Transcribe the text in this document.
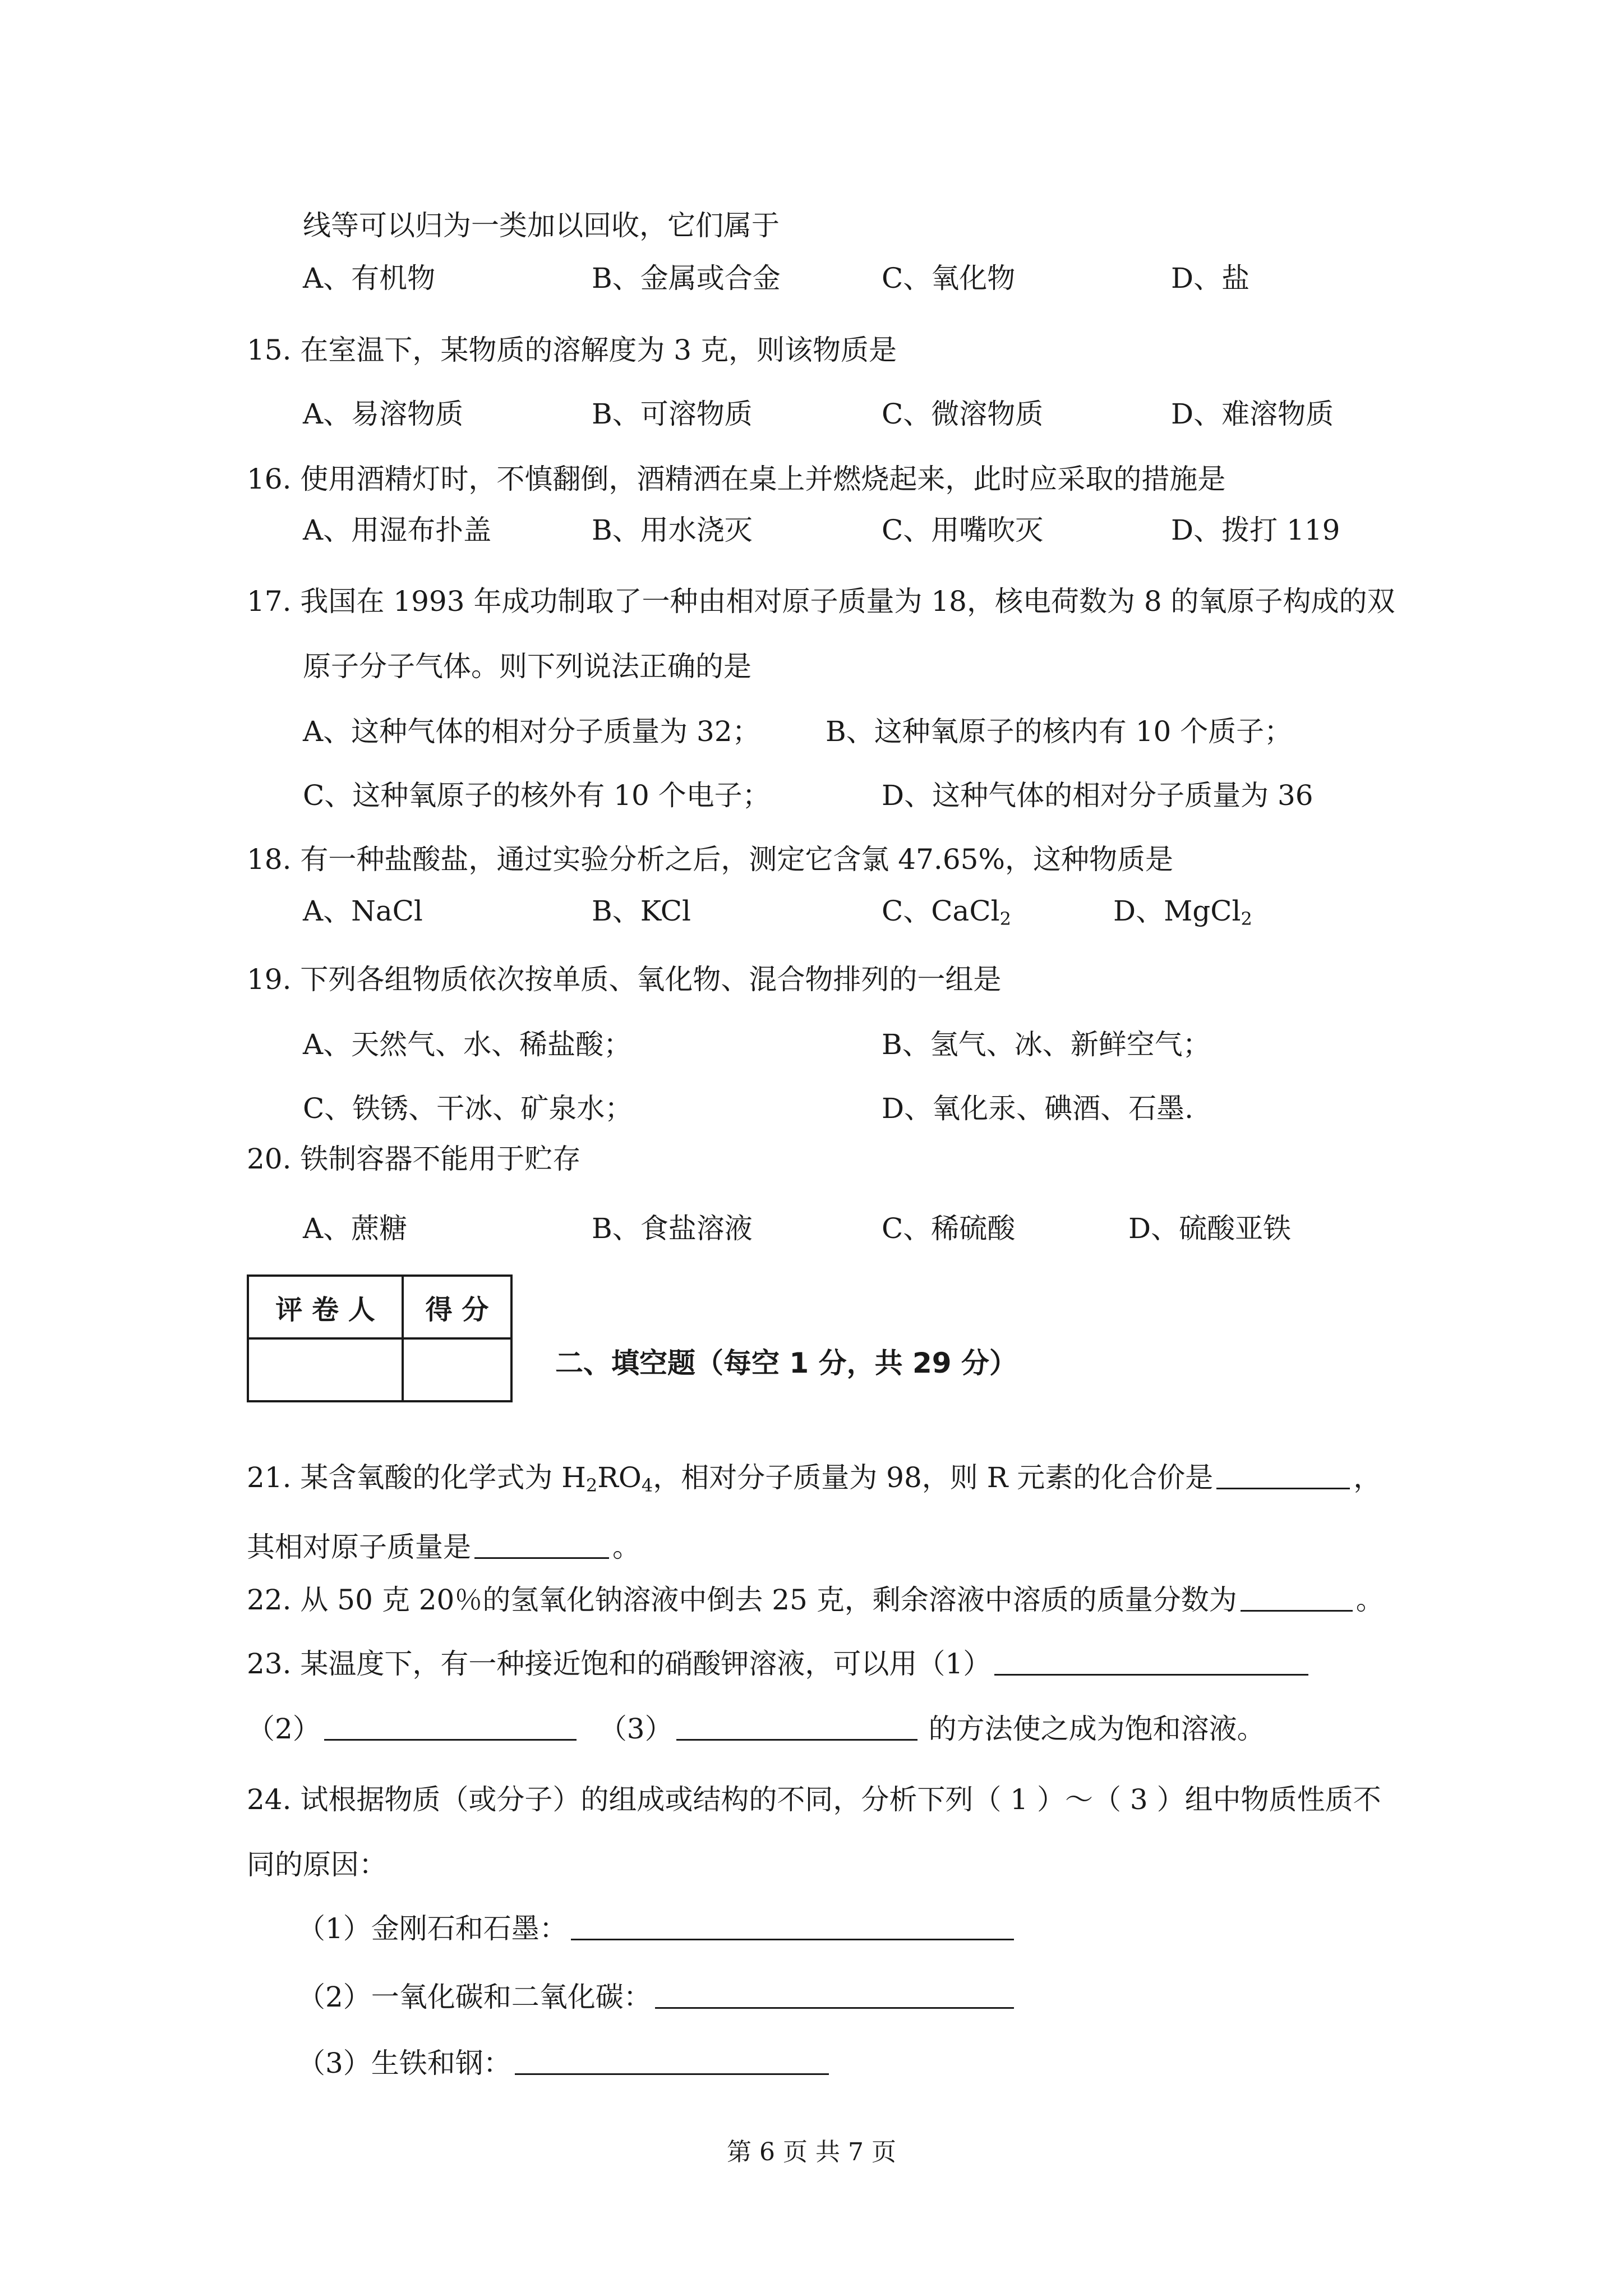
线等可以归为一类加以回收，它们属于
A、有机物	B、金属或合金	C、氧化物	D、盐
15. 在室温下，某物质的溶解度为 3 克，则该物质是
A、易溶物质	B、可溶物质	C、微溶物质	D、难溶物质
16. 使用酒精灯时，不慎翻倒，酒精洒在桌上并燃烧起来，此时应采取的措施是
A、用湿布扑盖	B、用水浇灭	C、用嘴吹灭	D、拨打 119
17. 我国在 1993 年成功制取了一种由相对原子质量为 18，核电荷数为 8 的氧原子构成的双
原子分子气体。则下列说法正确的是
A、这种气体的相对分子质量为 32； B、这种氧原子的核内有 10 个质子；
C、这种氧原子的核外有 10 个电子；	D、这种气体的相对分子质量为 36
18. 有一种盐酸盐，通过实验分析之后，测定它含氯 47.65%，这种物质是
A、NaCl	B、KCl	C、CaCl$_2$	D、MgCl$_2$
19. 下列各组物质依次按单质、氧化物、混合物排列的一组是
A、天然气、水、稀盐酸；	B、氢气、冰、新鲜空气；
C、铁锈、干冰、矿泉水；	D、氧化汞、碘酒、石墨.
20. 铁制容器不能用于贮存
A、蔗糖	B、食盐溶液	C、稀硫酸	D、硫酸亚铁
评 卷 人	得 分

二、填空题（每空 1 分，共 29 分）
21. 某含氧酸的化学式为 $H_2RO_4$，相对分子质量为 98，则 R 元素的化合价是	，
其相对原子质量是	。
22. 从 50 克 20％的氢氧化钠溶液中倒去 25 克，剩余溶液中溶质的质量分数为	。
23. 某温度下，有一种接近饱和的硝酸钾溶液，可以用（1）
（2）	（3）	的方法使之成为饱和溶液。
24. 试根据物质（或分子）的组成或结构的不同，分析下列（ 1 ）～（ 3 ）组中物质性质不
同的原因：
（1）金刚石和石墨：
（2）一氧化碳和二氧化碳：
（3）生铁和钢：
第 6 页 共 7 页
